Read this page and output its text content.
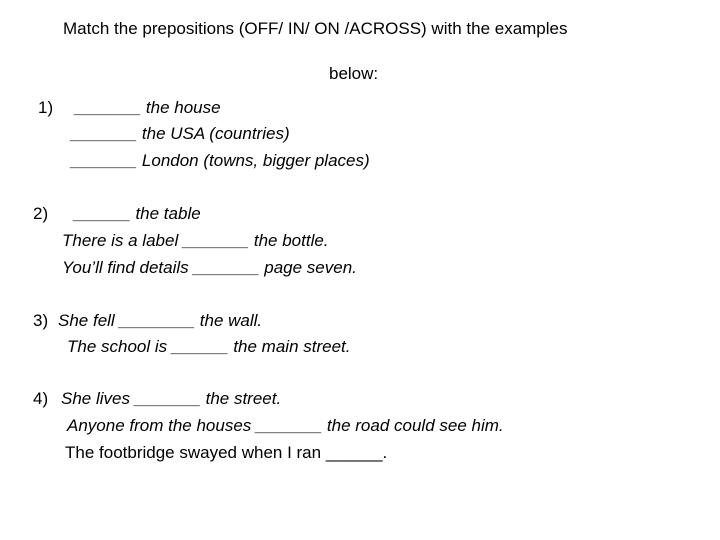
Match the prepositions (OFF/ IN/ ON /ACROSS) with the examples
below:
1) _______ the house
_______ the USA (countries)
_______ London (towns, bigger places)
2) ______ the table
There is a label _______ the bottle.
You’ll find details _______ page seven.
3) She fell ________ the wall.
The school is ______ the main street.
4) She lives _______ the street.
Anyone from the houses _______ the road could see him.
The footbridge swayed when I ran ______.
